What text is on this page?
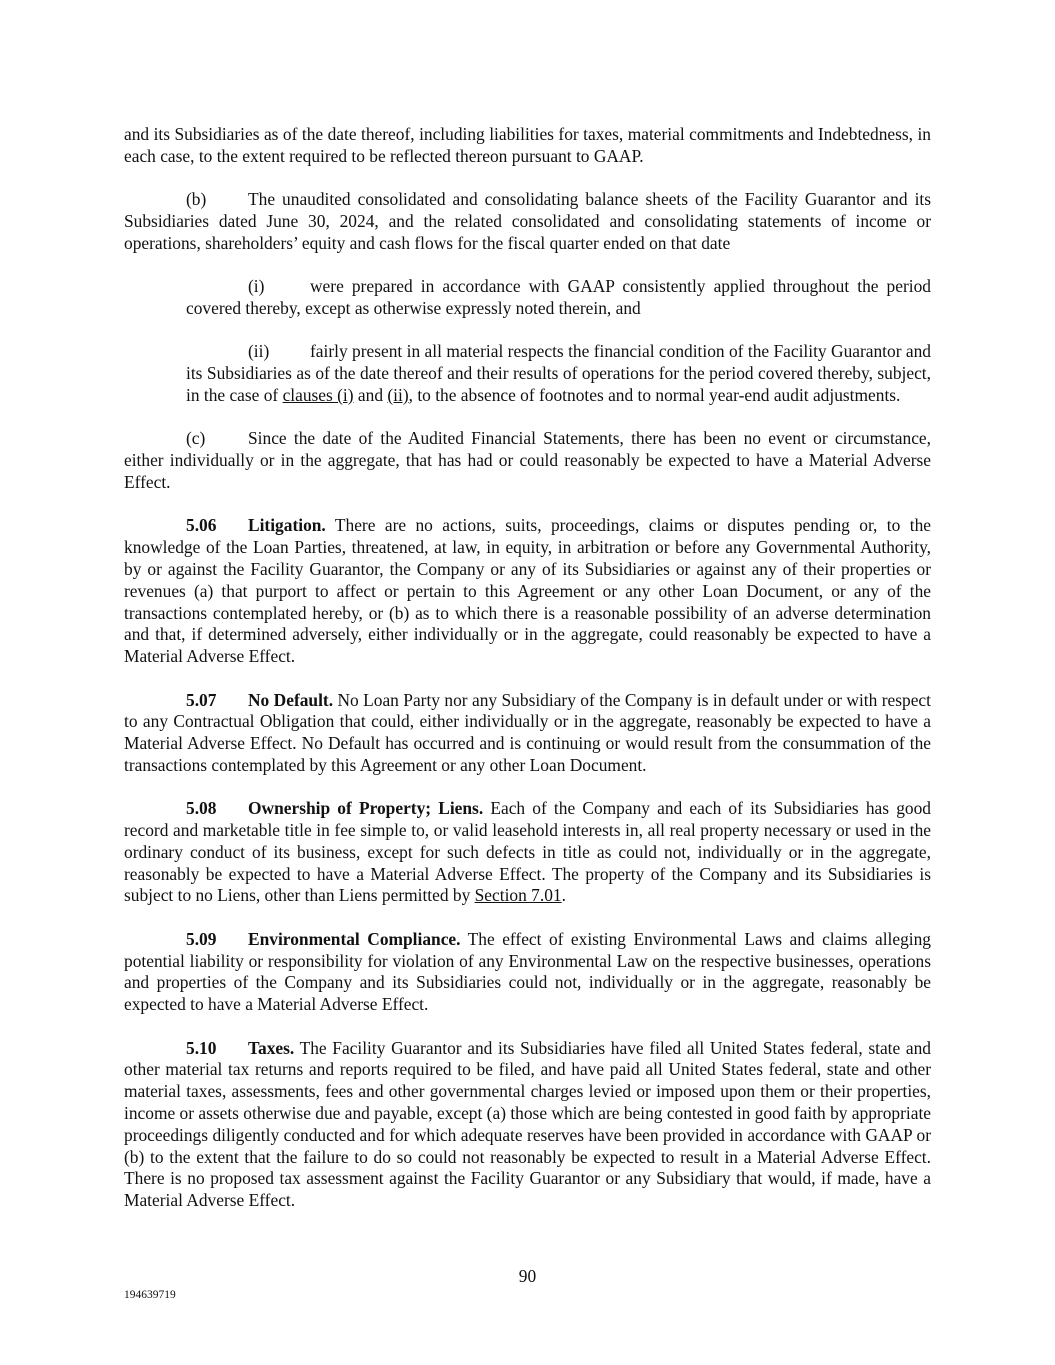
and its Subsidiaries as of the date thereof, including liabilities for taxes, material commitments and Indebtedness, in each case, to the extent required to be reflected thereon pursuant to GAAP.

(b) The unaudited consolidated and consolidating balance sheets of the Facility Guarantor and its Subsidiaries dated June 30, 2024, and the related consolidated and consolidating statements of income or operations, shareholders’ equity and cash flows for the fiscal quarter ended on that date

(i)	were prepared in accordance with GAAP consistently applied throughout the period covered thereby, except as otherwise expressly noted therein, and

(ii) fairly present in all material respects the financial condition of the Facility Guarantor and its Subsidiaries as of the date thereof and their results of operations for the period covered thereby, subject, in the case of clauses (i) and (ii), to the absence of footnotes and to normal year-end audit adjustments.

(c) Since the date of the Audited Financial Statements, there has been no event or circumstance, either individually or in the aggregate, that has had or could reasonably be expected to have a Material Adverse Effect.

5.06 Litigation. There are no actions, suits, proceedings, claims or disputes pending or, to the knowledge of the Loan Parties, threatened, at law, in equity, in arbitration or before any Governmental Authority, by or against the Facility Guarantor, the Company or any of its Subsidiaries or against any of their properties or revenues (a) that purport to affect or pertain to this Agreement or any other Loan Document, or any of the transactions contemplated hereby, or (b) as to which there is a reasonable possibility of an adverse determination and that, if determined adversely, either individually or in the aggregate, could reasonably be expected to have a Material Adverse Effect.

5.07 No Default. No Loan Party nor any Subsidiary of the Company is in default under or with respect to any Contractual Obligation that could, either individually or in the aggregate, reasonably be expected to have a Material Adverse Effect. No Default has occurred and is continuing or would result from the consummation of the transactions contemplated by this Agreement or any other Loan Document.

5.08 Ownership of Property; Liens. Each of the Company and each of its Subsidiaries has good record and marketable title in fee simple to, or valid leasehold interests in, all real property necessary or used in the ordinary conduct of its business, except for such defects in title as could not, individually or in the aggregate, reasonably be expected to have a Material Adverse Effect. The property of the Company and its Subsidiaries is subject to no Liens, other than Liens permitted by Section 7.01.

5.09 Environmental Compliance. The effect of existing Environmental Laws and claims alleging potential liability or responsibility for violation of any Environmental Law on the respective businesses, operations and properties of the Company and its Subsidiaries could not, individually or in the aggregate, reasonably be expected to have a Material Adverse Effect.

5.10 Taxes. The Facility Guarantor and its Subsidiaries have filed all United States federal, state and other material tax returns and reports required to be filed, and have paid all United States federal, state and other material taxes, assessments, fees and other governmental charges levied or imposed upon them or their properties, income or assets otherwise due and payable, except (a) those which are being contested in good faith by appropriate proceedings diligently conducted and for which adequate reserves have been provided in accordance with GAAP or (b) to the extent that the failure to do so could not reasonably be expected to result in a Material Adverse Effect. There is no proposed tax assessment against the Facility Guarantor or any Subsidiary that would, if made, have a Material Adverse Effect.

90
194639719
